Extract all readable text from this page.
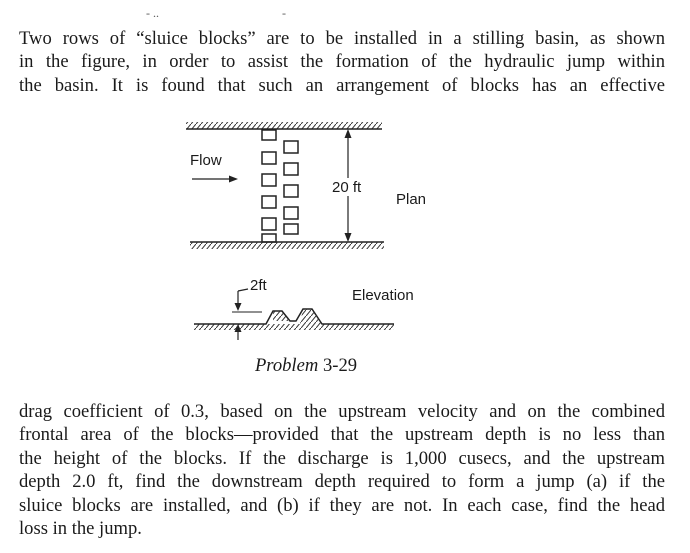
- ..	-
Two rows of “sluice blocks” are to be installed in a stilling basin, as shown
in the figure, in order to assist the formation of the hydraulic jump within
the basin. It is found that such an arrangement of blocks has an effective
Flow
20 ft
Plan
2ft
Elevation
Problem 3-29
drag coefficient of 0.3, based on the upstream velocity and on the combined
frontal area of the blocks—provided that the upstream depth is no less than
the height of the blocks. If the discharge is 1,000 cusecs, and the upstream
depth 2.0 ft, find the downstream depth required to form a jump (a) if the
sluice blocks are installed, and (b) if they are not. In each case, find the head
loss in the jump.
